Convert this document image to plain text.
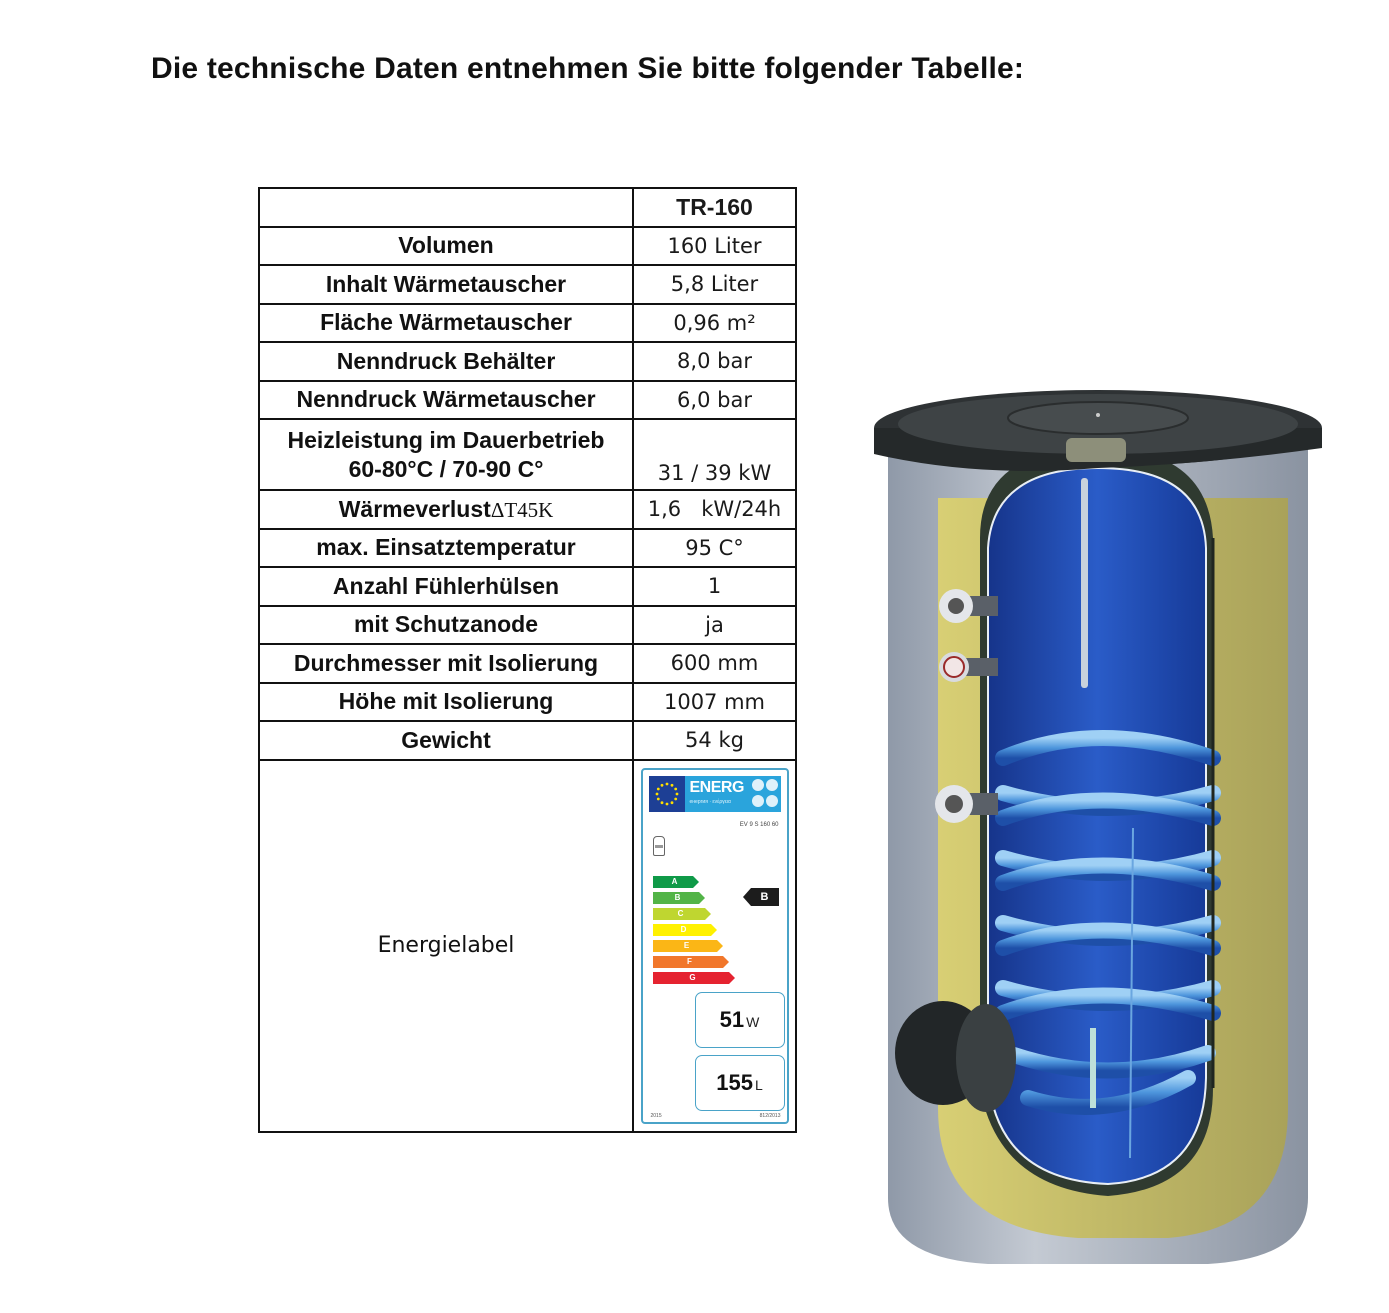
Die technische Daten entnehmen Sie bitte folgender Tabelle:
	TR-160
Volumen	160 Liter
Inhalt Wärmetauscher	5,8 Liter
Fläche Wärmetauscher	0,96 m²
Nenndruck Behälter	8,0 bar
Nenndruck Wärmetauscher	6,0 bar

Heizleistung im Dauerbetrieb
60-80°C / 70-90 C°	31 / 39 kW
WärmeverlustΔT45K	1,6   kW/24h
max. Einsatztemperatur	95 C°
Anzahl Fühlerhülsen	1
mit Schutzanode	ja
Durchmesser mit Isolierung	600 mm
Höhe mit Isolierung	1007 mm
Gewicht	54 kg
Energielabel	
ENERG
енергия · ενέργεια
EV 9 S 160 60
A
B
C
D
E
F
G
B
51 W
155 L
2015	812/2013
